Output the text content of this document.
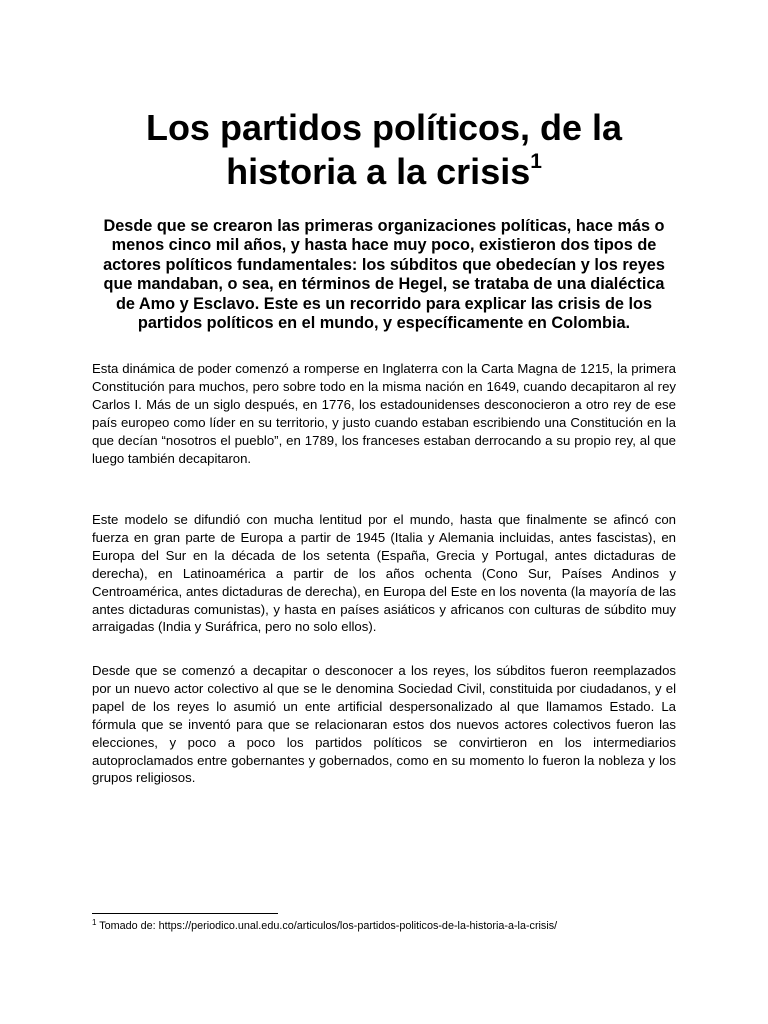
Los partidos políticos, de la historia a la crisis$^1$

Desde que se crearon las primeras organizaciones políticas, hace más o menos cinco mil años, y hasta hace muy poco, existieron dos tipos de actores políticos fundamentales: los súbditos que obedecían y los reyes que mandaban, o sea, en términos de Hegel, se trataba de una dialéctica de Amo y Esclavo. Este es un recorrido para explicar las crisis de los partidos políticos en el mundo, y específicamente en Colombia.

Esta dinámica de poder comenzó a romperse en Inglaterra con la Carta Magna de 1215, la primera Constitución para muchos, pero sobre todo en la misma nación en 1649, cuando decapitaron al rey Carlos I. Más de un siglo después, en 1776, los estadounidenses desconocieron a otro rey de ese país europeo como líder en su territorio, y justo cuando estaban escribiendo una Constitución en la que decían “nosotros el pueblo”, en 1789, los franceses estaban derrocando a su propio rey, al que luego también decapitaron.

Este modelo se difundió con mucha lentitud por el mundo, hasta que finalmente se afincó con fuerza en gran parte de Europa a partir de 1945 (Italia y Alemania incluidas, antes fascistas), en Europa del Sur en la década de los setenta (España, Grecia y Portugal, antes dictaduras de derecha), en Latinoamérica a partir de los años ochenta (Cono Sur, Países Andinos y Centroamérica, antes dictaduras de derecha), en Europa del Este en los noventa (la mayoría de las antes dictaduras comunistas), y hasta en países asiáticos y africanos con culturas de súbdito muy arraigadas (India y Suráfrica, pero no solo ellos).

Desde que se comenzó a decapitar o desconocer a los reyes, los súbditos fueron reemplazados por un nuevo actor colectivo al que se le denomina Sociedad Civil, constituida por ciudadanos, y el papel de los reyes lo asumió un ente artificial despersonalizado al que llamamos Estado. La fórmula que se inventó para que se relacionaran estos dos nuevos actores colectivos fueron las elecciones, y poco a poco los partidos políticos se convirtieron en los intermediarios autoproclamados entre gobernantes y gobernados, como en su momento lo fueron la nobleza y los grupos religiosos.

$^1$ Tomado de: https://periodico.unal.edu.co/articulos/los-partidos-politicos-de-la-historia-a-la-crisis/
